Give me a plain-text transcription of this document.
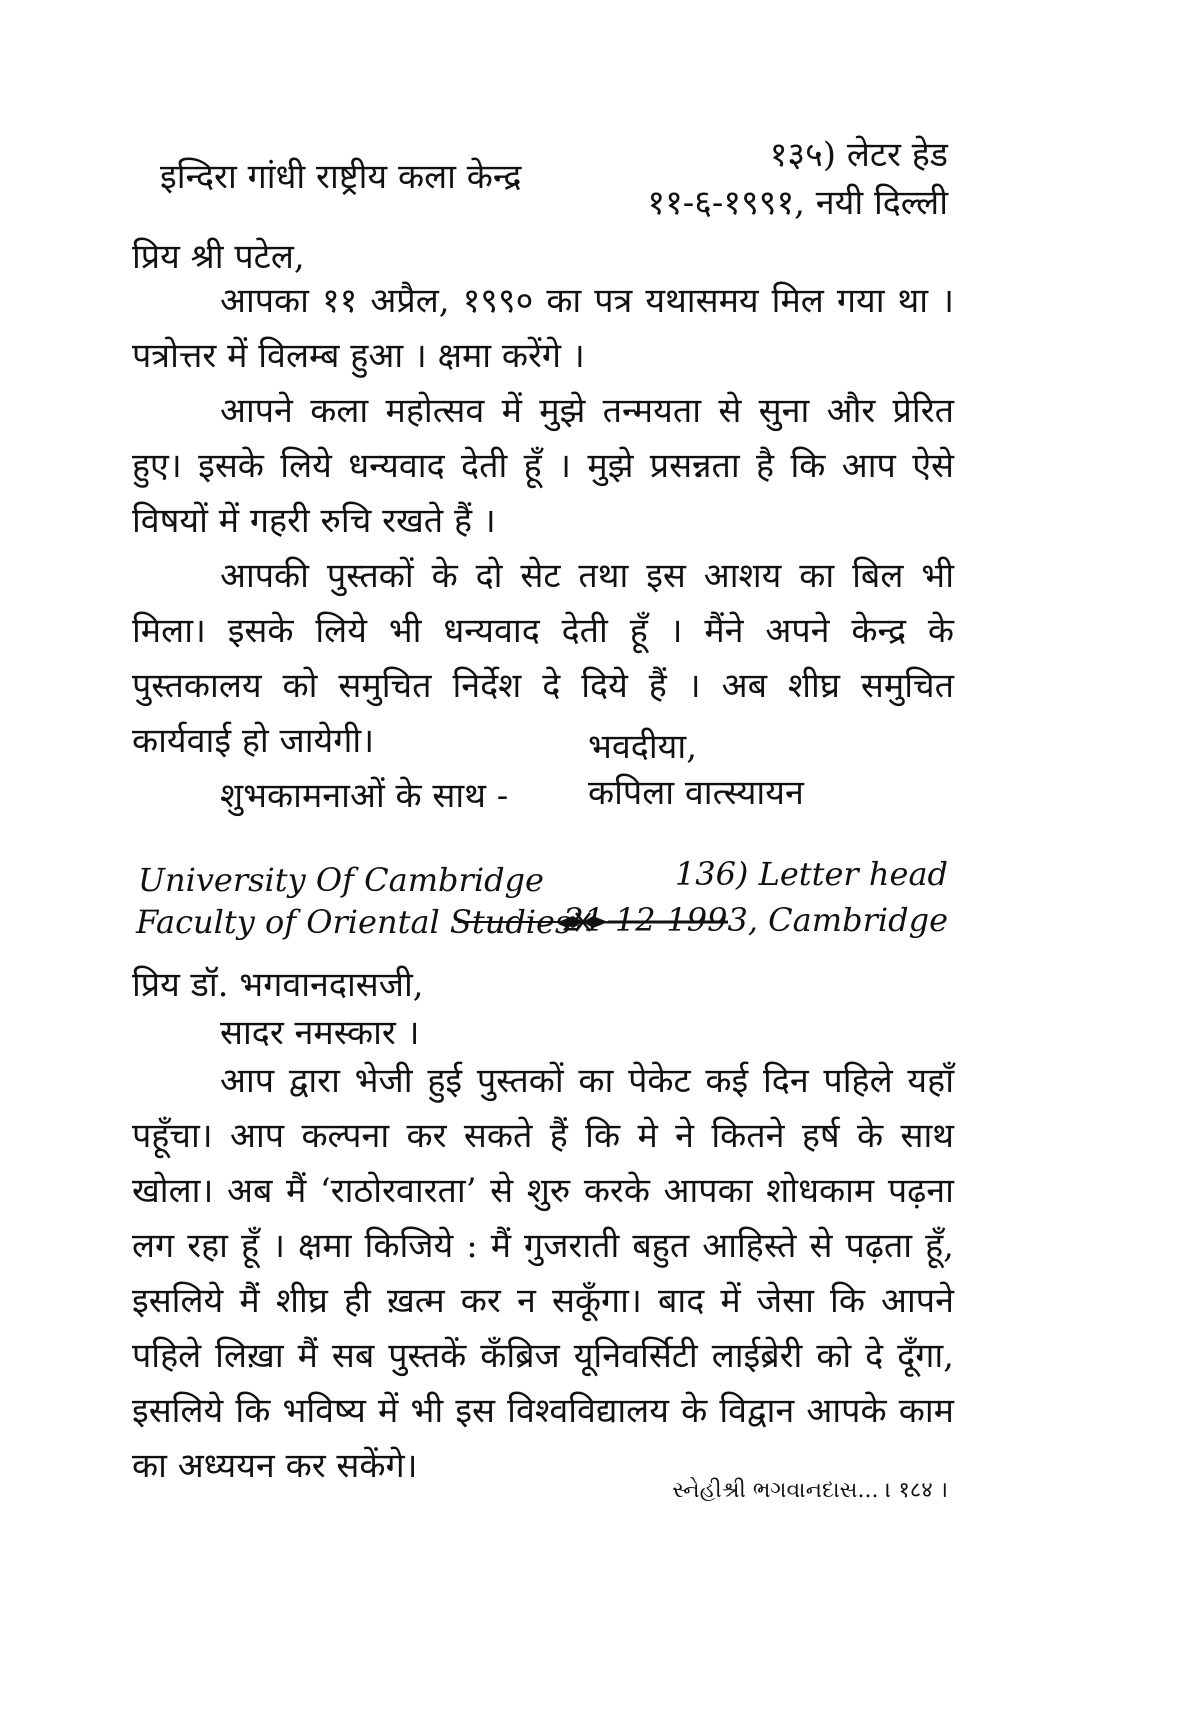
इन्दिरा गांधी राष्ट्रीय कला केन्द्र

१३५) लेटर हेड

११-६-१९९१, नयी दिल्ली

प्रिय श्री पटेल,

आपका ११ अप्रैल, १९९० का पत्र यथासमय मिल गया था । पत्रोत्तर में विलम्ब हुआ । क्षमा करेंगे ।

आपने कला महोत्सव में मुझे तन्मयता से सुना और प्रेरित हुए। इसके लिये धन्यवाद देती हूँ । मुझे प्रसन्नता है कि आप ऐसे विषयों में गहरी रुचि रखते हैं ।

आपकी पुस्तकों के दो सेट तथा इस आशय का बिल भी मिला। इसके लिये भी धन्यवाद देती हूँ । मैंने अपने केन्द्र के पुस्तकालय को समुचित निर्देश दे दिये हैं । अब शीघ्र समुचित कार्यवाई हो जायेगी।

शुभकामनाओं के साथ -

भवदीया,

कपिला वात्स्यायन

University Of Cambridge

Faculty of Oriental Studies

136) Letter head

21-12-1993, Cambridge

प्रिय डॉ. भगवानदासजी,

सादर नमस्कार ।

आप द्वारा भेजी हुई पुस्तकों का पेकेट कई दिन पहिले यहाँ पहूँचा। आप कल्पना कर सकते हैं कि मे ने कितने हर्ष के साथ खोला। अब मैं ‘राठोरवारता’ से शुरु करके आपका शोधकाम पढ़ना लग रहा हूँ । क्षमा किजिये : मैं गुजराती बहुत आहिस्ते से पढ़ता हूँ, इसलिये मैं शीघ्र ही ख़त्म कर न सकूँगा। बाद में जेसा कि आपने पहिले लिख़ा मैं सब पुस्तकें कॅंब्रिज यूनिवर्सिटी लाईब्रेरी को दे दूँगा, इसलिये कि भविष्य में भी इस विश्वविद्यालय के विद्वान आपके काम का अध्ययन कर सकेंगे।

સ્નેહીશ્રી ભગવાનદાસ... । १८४ ।
